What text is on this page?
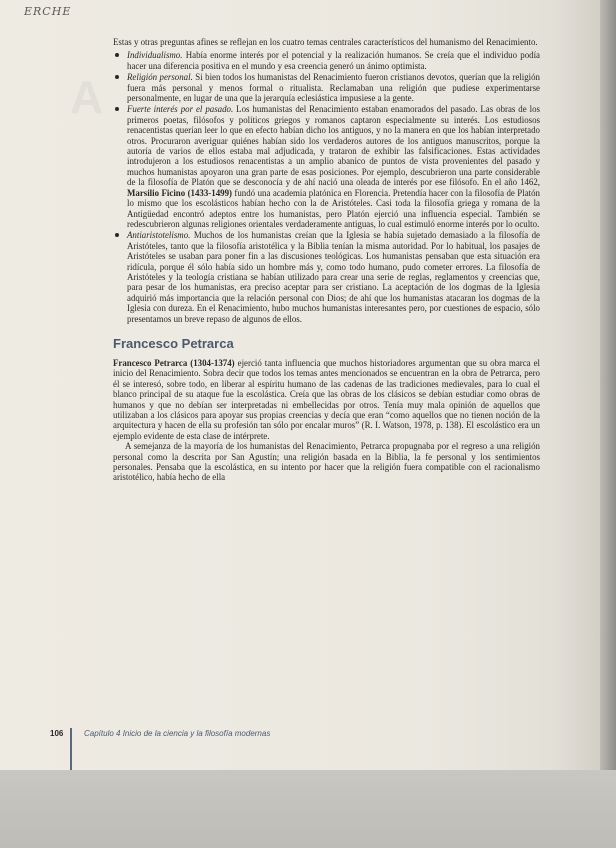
A
ERCHE

Estas y otras preguntas afines se reflejan en los cuatro temas centrales característicos del humanismo del Renacimiento.

Individualismo. Había enorme interés por el potencial y la realización humanos. Se creía que el individuo podía hacer una diferencia positiva en el mundo y esa creencia generó un ánimo optimista.
Religión personal. Si bien todos los humanistas del Renacimiento fueron cristianos devotos, querían que la religión fuera más personal y menos formal o ritualista. Reclamaban una religión que pudiese experimentarse personalmente, en lugar de una que la jerarquía eclesiástica impusiese a la gente.
Fuerte interés por el pasado. Los humanistas del Renacimiento estaban enamorados del pasado. Las obras de los primeros poetas, filósofos y políticos griegos y romanos captaron especialmente su interés. Los estudiosos renacentistas querían leer lo que en efecto habían dicho los antiguos, y no la manera en que los habían interpretado otros. Procuraron averiguar quiénes habían sido los verdaderos autores de los antiguos manuscritos, porque la autoría de varios de ellos estaba mal adjudicada, y trataron de exhibir las falsificaciones. Estas actividades introdujeron a los estudiosos renacentistas a un amplio abanico de puntos de vista provenientes del pasado y muchos humanistas apoyaron una gran parte de esas posiciones. Por ejemplo, descubrieron una parte considerable de la filosofía de Platón que se desconocía y de ahí nació una oleada de interés por ese filósofo. En el año 1462, Marsilio Ficino (1433-1499) fundó una academia platónica en Florencia. Pretendía hacer con la filosofía de Platón lo mismo que los escolásticos habían hecho con la de Aristóteles. Casi toda la filosofía griega y romana de la Antigüedad encontró adeptos entre los humanistas, pero Platón ejerció una influencia especial. También se redescubrieron algunas religiones orientales verdaderamente antiguas, lo cual estimuló enorme interés por lo oculto.
Antiaristotelismo. Muchos de los humanistas creían que la Iglesia se había sujetado demasiado a la filosofía de Aristóteles, tanto que la filosofía aristotélica y la Biblia tenían la misma autoridad. Por lo habitual, los pasajes de Aristóteles se usaban para poner fin a las discusiones teológicas. Los humanistas pensaban que esta situación era ridícula, porque él sólo había sido un hombre más y, como todo humano, pudo cometer errores. La filosofía de Aristóteles y la teología cristiana se habían utilizado para crear una serie de reglas, reglamentos y creencias que, para pesar de los humanistas, era preciso aceptar para ser cristiano. La aceptación de los dogmas de la Iglesia adquirió más importancia que la relación personal con Dios; de ahí que los humanistas atacaran los dogmas de la Iglesia con dureza. En el Renacimiento, hubo muchos humanistas interesantes pero, por cuestiones de espacio, sólo presentamos un breve repaso de algunos de ellos.
Francesco Petrarca

Francesco Petrarca (1304-1374) ejerció tanta influencia que muchos historiadores argumentan que su obra marca el inicio del Renacimiento. Sobra decir que todos los temas antes mencionados se encuentran en la obra de Petrarca, pero él se interesó, sobre todo, en liberar al espíritu humano de las cadenas de las tradiciones medievales, para lo cual el blanco principal de su ataque fue la escolástica. Creía que las obras de los clásicos se debían estudiar como obras de humanos y que no debían ser interpretadas ni embellecidas por otros. Tenía muy mala opinión de aquellos que utilizaban a los clásicos para apoyar sus propias creencias y decía que eran “como aquellos que no tienen noción de la arquitectura y hacen de ella su profesión tan sólo por encalar muros” (R. I. Watson, 1978, p. 138). El escolástico era un ejemplo evidente de esta clase de intérprete.

A semejanza de la mayoría de los humanistas del Renacimiento, Petrarca propugnaba por el regreso a una religión personal como la descrita por San Agustín; una religión basada en la Biblia, la fe personal y los sentimientos personales. Pensaba que la escolástica, en su intento por hacer que la religión fuera compatible con el racionalismo aristotélico, había hecho de ella

106	Capítulo 4 Inicio de la ciencia y la filosofía modernas
